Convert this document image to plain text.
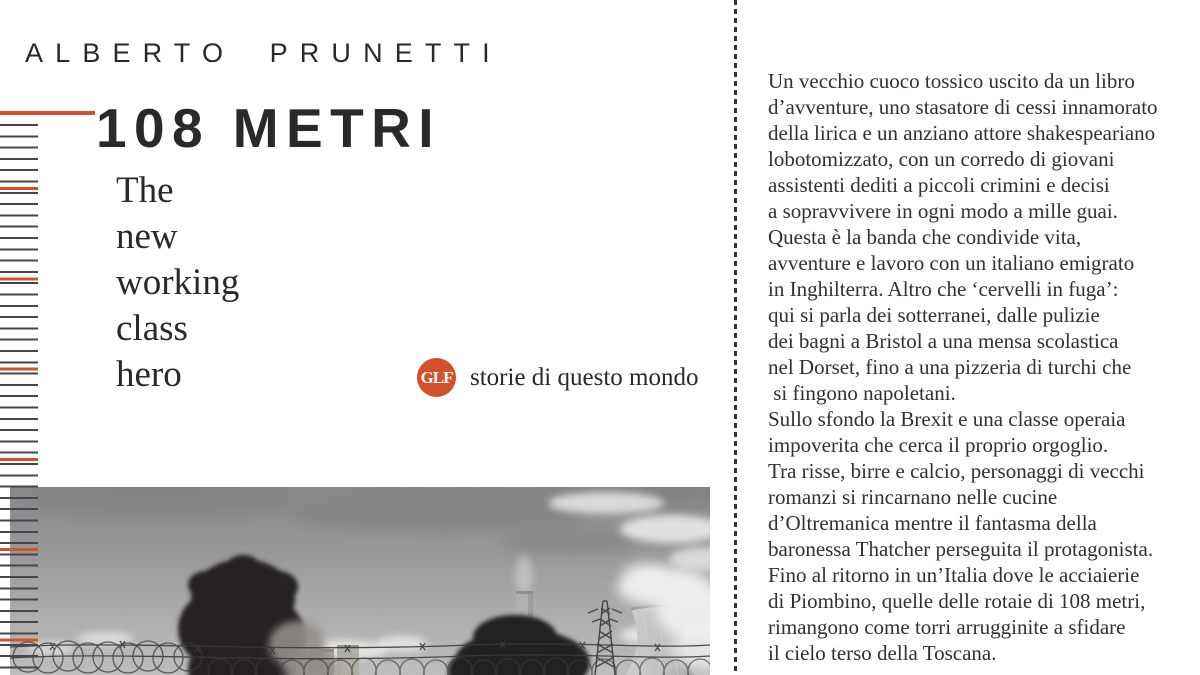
ALBERTO PRUNETTI
108 METRI
The
new
working
class
hero	GLF storie di questo mondo
Un vecchio cuoco tossico uscito da un libro
d’avventure, uno stasatore di cessi innamorato
della lirica e un anziano attore shakespeariano
lobotomizzato, con un corredo di giovani
assistenti dediti a piccoli crimini e decisi
a sopravvivere in ogni modo a mille guai.
Questa è la banda che condivide vita,
avventure e lavoro con un italiano emigrato
in Inghilterra. Altro che ‘cervelli in fuga’:
qui si parla dei sotterranei, dalle pulizie
dei bagni a Bristol a una mensa scolastica
nel Dorset, fino a una pizzeria di turchi che
si fingono napoletani.
Sullo sfondo la Brexit e una classe operaia
impoverita che cerca il proprio orgoglio.
Tra risse, birre e calcio, personaggi di vecchi
romanzi si rincarnano nelle cucine
d’Oltremanica mentre il fantasma della
baronessa Thatcher perseguita il protagonista.
Fino al ritorno in un’Italia dove le acciaierie
di Piombino, quelle delle rotaie di 108 metri,
rimangono come torri arrugginite a sfidare
il cielo terso della Toscana.
